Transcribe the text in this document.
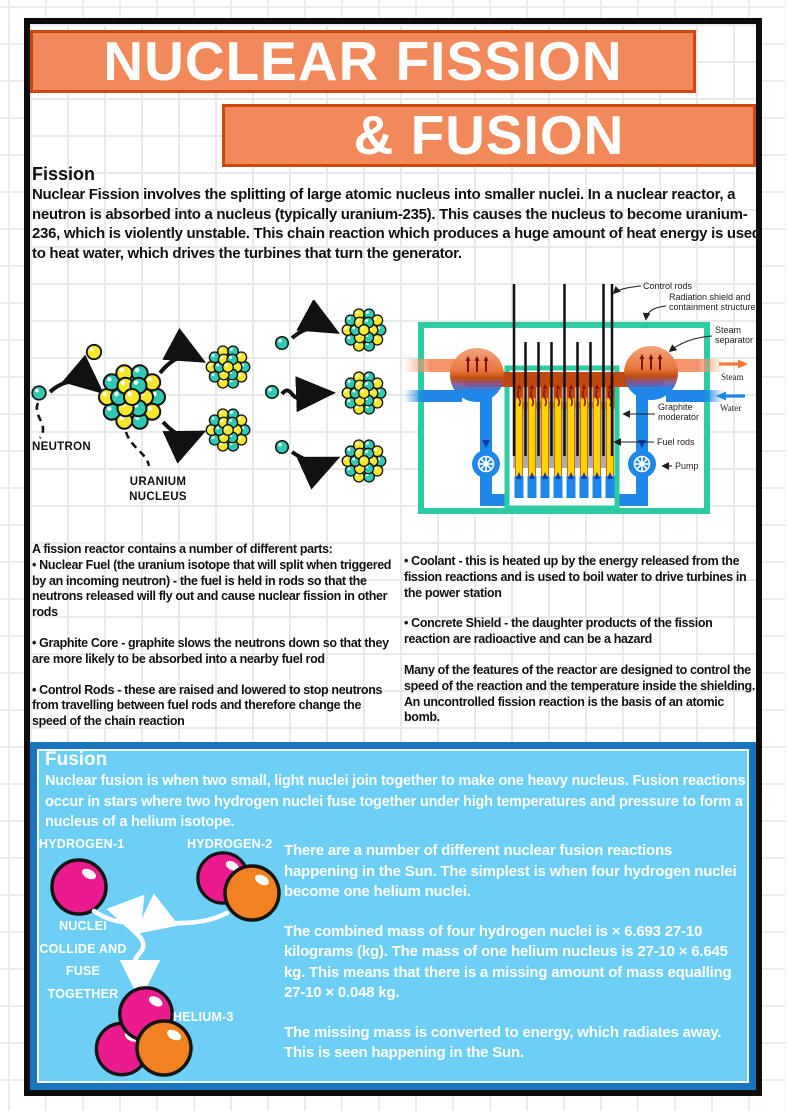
NUCLEAR FISSION
& FUSION
Fission
Nuclear Fission involves the splitting of large atomic nucleus into smaller nuclei. In a nuclear reactor, a neutron is absorbed into a nucleus (typically uranium-235). This causes the nucleus to become uranium-236, which is violently unstable. This chain reaction which produces a huge amount of heat energy is used to heat water, which drives the turbines that turn the generator.
NEUTRON
URANIUM
NUCLEUS
Control rods
Radiation shield and
containment structure
Steam
separator
Steam
Water
Graphite
moderator
Fuel rods
Pump

A fission reactor contains a number of different parts:

• Nuclear Fuel (the uranium isotope that will split when triggered by an incoming neutron) - the fuel is held in rods so that the neutrons released will fly out and cause nuclear fission in other rods

• Graphite Core - graphite slows the neutrons down so that they are more likely to be absorbed into a nearby fuel rod

• Control Rods - these are raised and lowered to stop neutrons from travelling between fuel rods and therefore change the speed of the chain reaction

• Coolant - this is heated up by the energy released from the fission reactions and is used to boil water to drive turbines in the power station

• Concrete Shield - the daughter products of the fission reaction are radioactive and can be a hazard

Many of the features of the reactor are designed to control the speed of the reaction and the temperature inside the shielding. An uncontrolled fission reaction is the basis of an atomic bomb.

Fusion
Nuclear fusion is when two small, light nuclei join together to make one heavy nucleus. Fusion reactions occur in stars where two hydrogen nuclei fuse together under high temperatures and pressure to form a nucleus of a helium isotope.
HYDROGEN-1	HYDROGEN-2
NUCLEI
COLLIDE AND
FUSE
TOGETHER
HELIUM-3

There are a number of different nuclear fusion reactions happening in the Sun. The simplest is when four hydrogen nuclei become one helium nuclei.

The combined mass of four hydrogen nuclei is × 6.693 27-10 kilograms (kg). The mass of one helium nucleus is 27-10 × 6.645 kg. This means that there is a missing amount of mass equalling 27-10 × 0.048 kg.

The missing mass is converted to energy, which radiates away. This is seen happening in the Sun.
